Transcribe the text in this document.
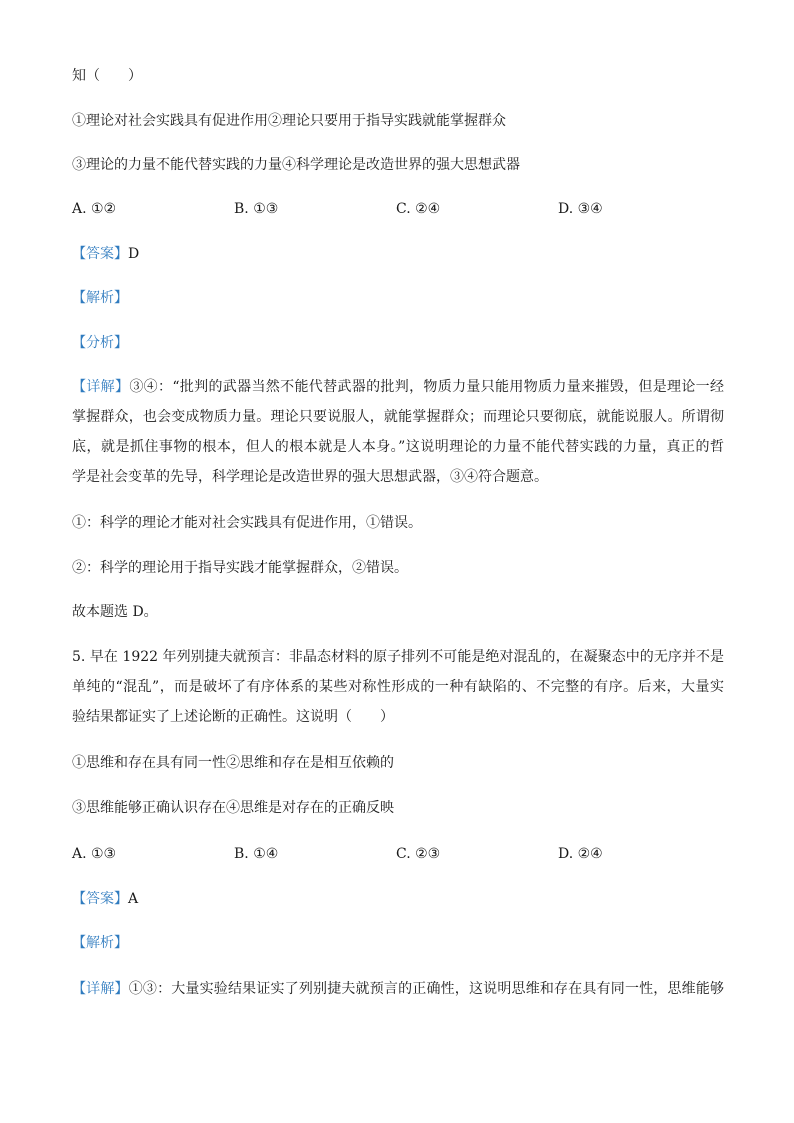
知（　　）
①理论对社会实践具有促进作用②理论只要用于指导实践就能掌握群众
③理论的力量不能代替实践的力量④科学理论是改造世界的强大思想武器
A. ①②	B. ①③	C. ②④	D. ③④
【答案】D
【解析】
【分析】
【详解】③④：“批判的武器当然不能代替武器的批判，物质力量只能用物质力量来摧毁，但是理论一经
掌握群众，也会变成物质力量。理论只要说服人，就能掌握群众；而理论只要彻底，就能说服人。所谓彻
底，就是抓住事物的根本，但人的根本就是人本身。”这说明理论的力量不能代替实践的力量，真正的哲
学是社会变革的先导，科学理论是改造世界的强大思想武器，③④符合题意。
①：科学的理论才能对社会实践具有促进作用，①错误。
②：科学的理论用于指导实践才能掌握群众，②错误。
故本题选 D。
5. 早在 1922 年列别捷夫就预言：非晶态材料的原子排列不可能是绝对混乱的，在凝聚态中的无序并不是
单纯的“混乱”，而是破坏了有序体系的某些对称性形成的一种有缺陷的、不完整的有序。后来，大量实
验结果都证实了上述论断的正确性。这说明（　　）
①思维和存在具有同一性②思维和存在是相互依赖的
③思维能够正确认识存在④思维是对存在的正确反映
A. ①③	B. ①④	C. ②③	D. ②④
【答案】A
【解析】
【详解】①③：大量实验结果证实了列别捷夫就预言的正确性，这说明思维和存在具有同一性，思维能够
